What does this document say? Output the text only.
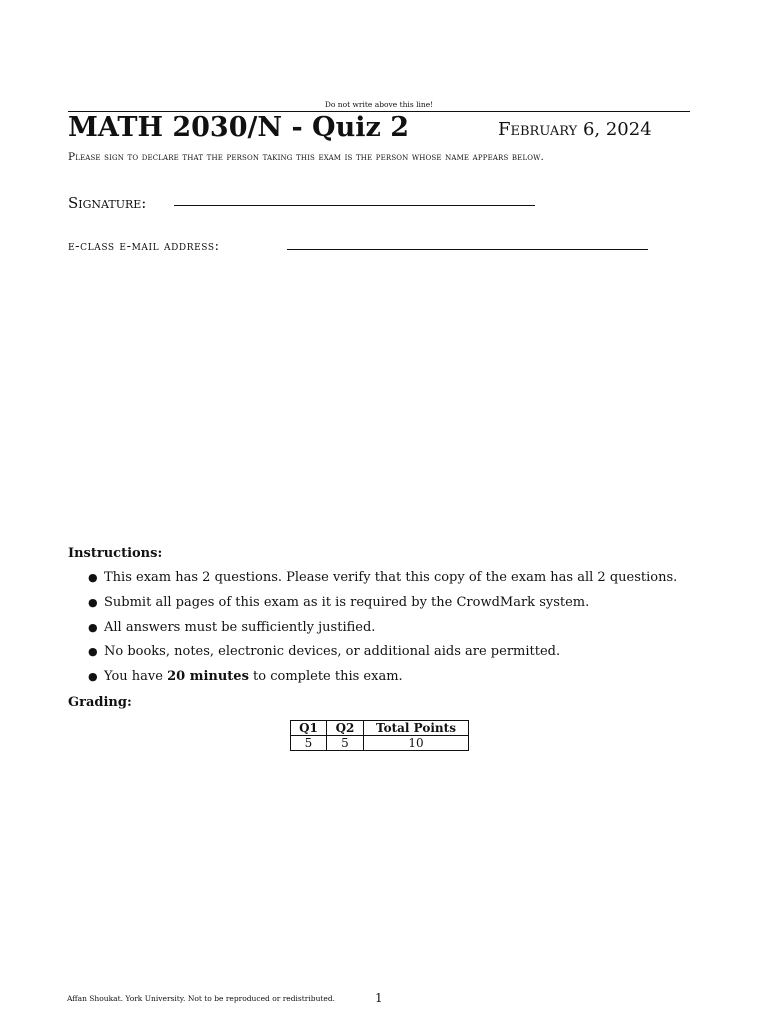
Do not write above this line!
MATH 2030/N - Quiz 2	February 6, 2024
Please sign to declare that the person taking this exam is the person whose name appears below.
Signature:
e-class e-mail address:
Instructions:
● This exam has 2 questions. Please verify that this copy of the exam has all 2 questions.
● Submit all pages of this exam as it is required by the CrowdMark system.
● All answers must be sufficiently justified.
● No books, notes, electronic devices, or additional aids are permitted.
● You have 20 minutes to complete this exam.
Grading:
Q1	Q2	Total Points
5	5	10
Affan Shoukat. York University. Not to be reproduced or redistributed.	1
